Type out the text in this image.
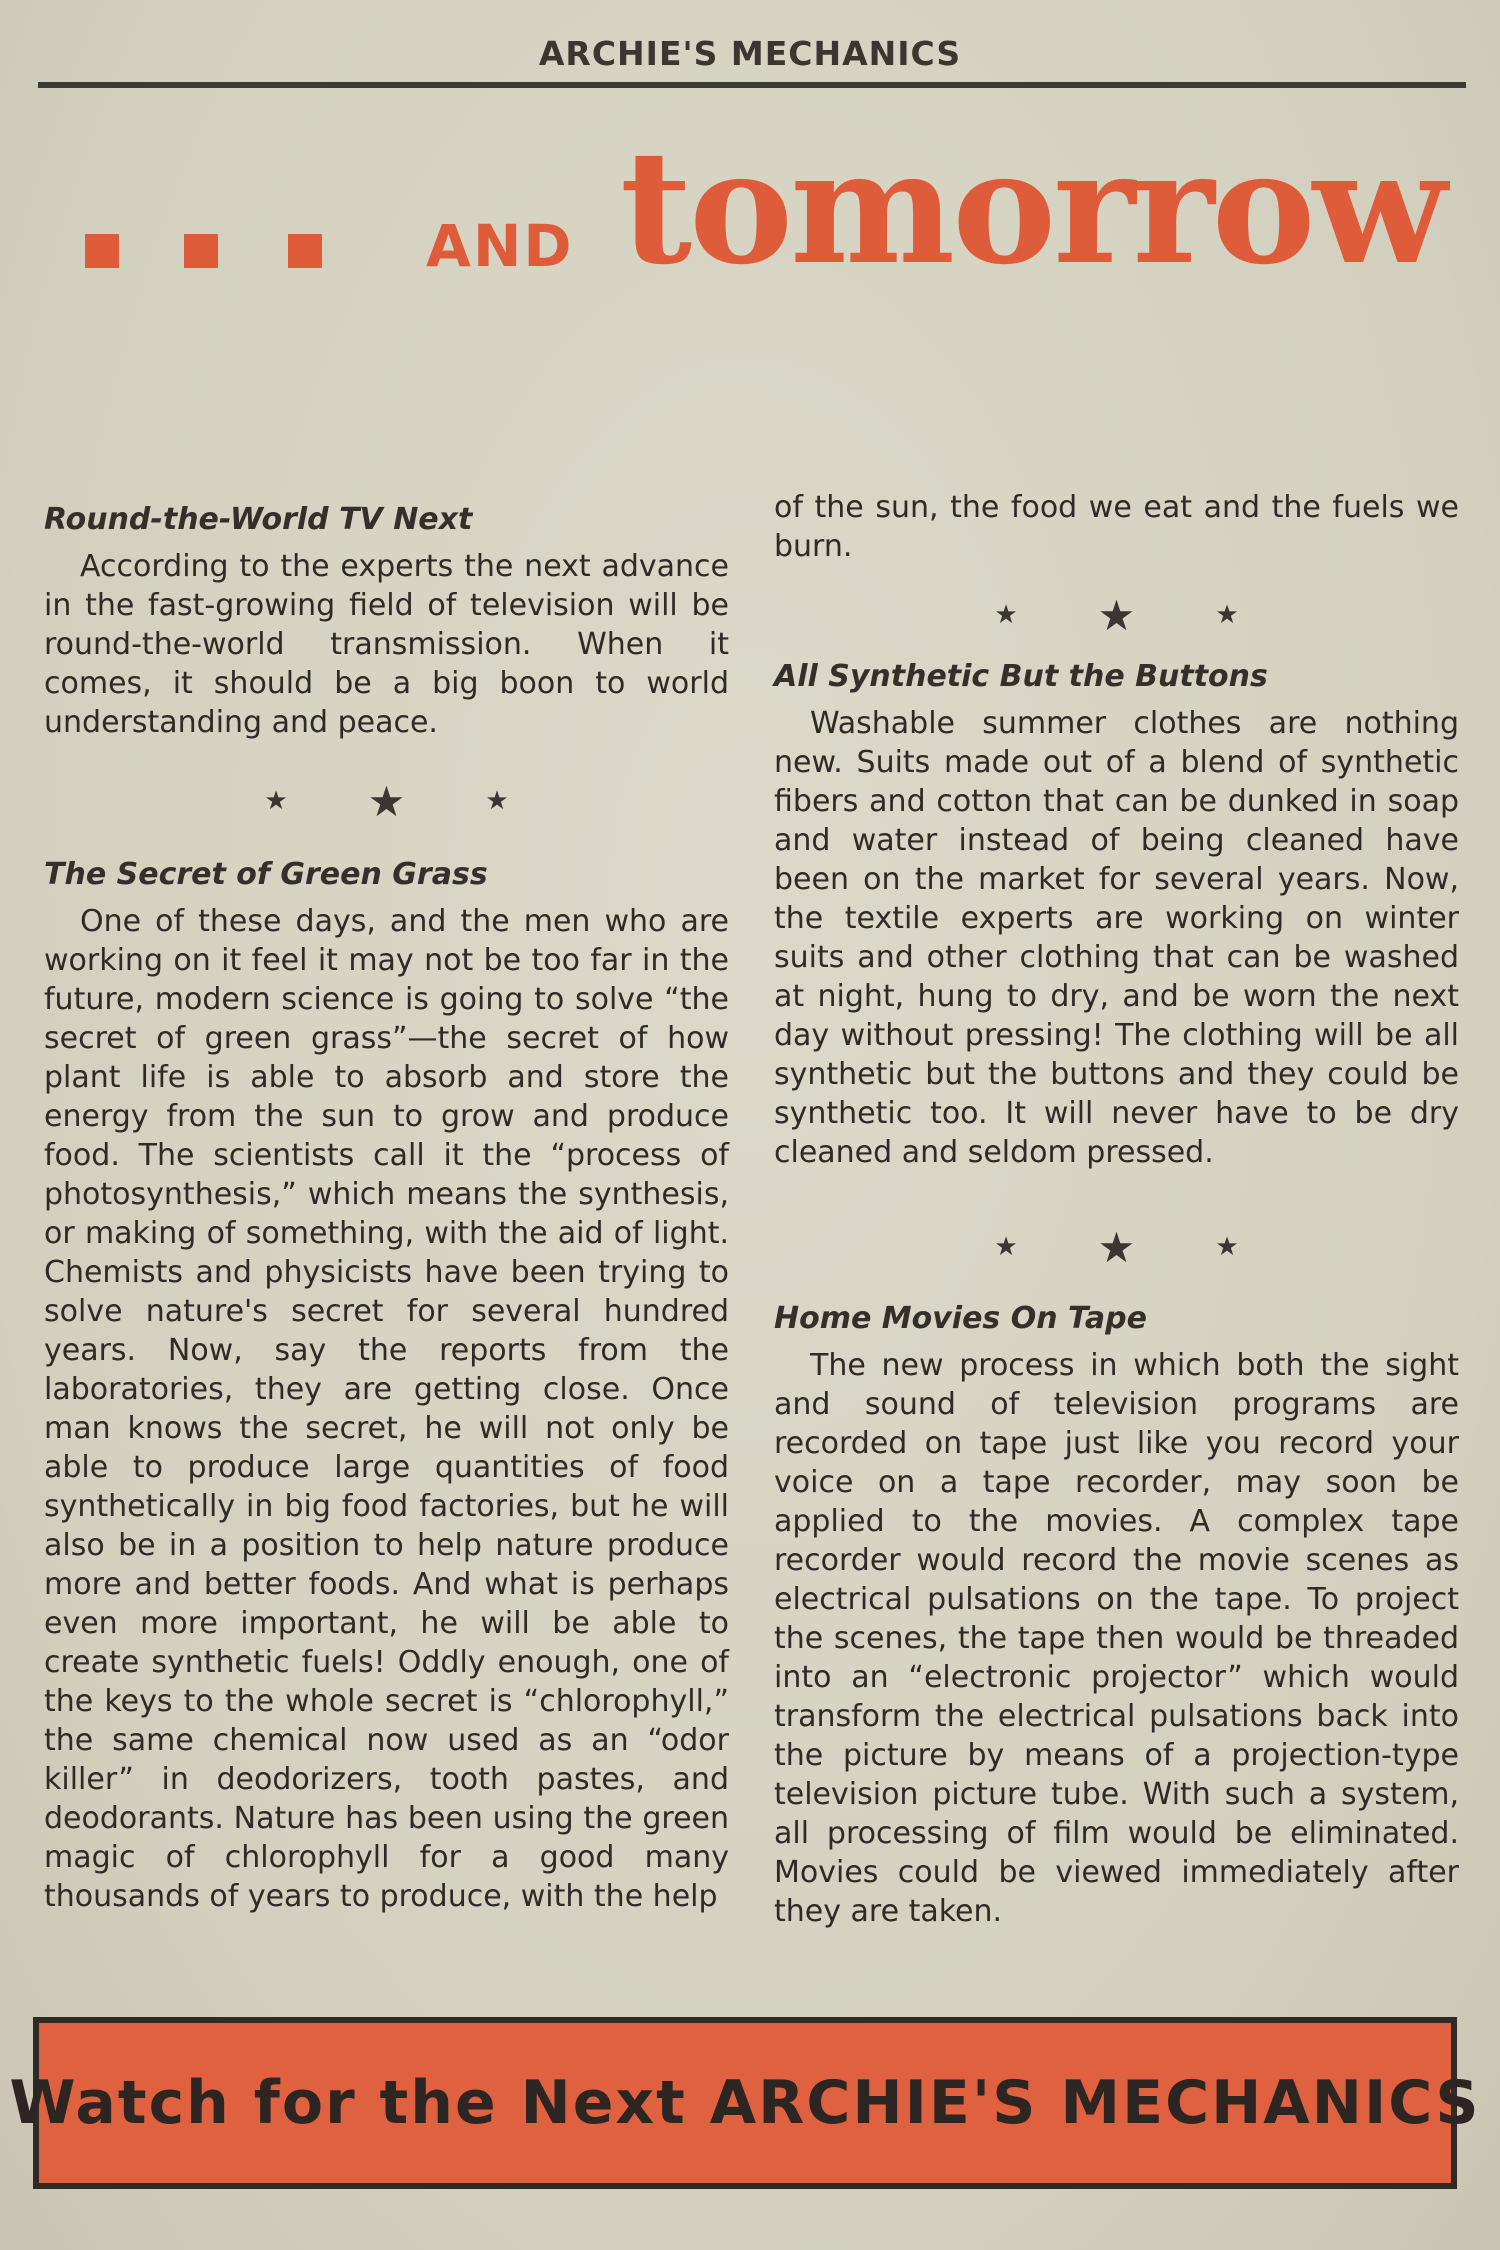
ARCHIE'S MECHANICS
AND tomorrow
Round-the-World TV Next

According to the experts the next advance in the fast-growing field of television will be round-the-world transmission. When it comes, it should be a big boon to world understanding and peace.

★ ★	★
The Secret of Green Grass

One of these days, and the men who are working on it feel it may not be too far in the future, modern science is going to solve “the secret of green grass”—the secret of how plant life is able to absorb and store the energy from the sun to grow and produce food. The scientists call it the “process of photosynthesis,” which means the synthesis, or making of something, with the aid of light. Chemists and physicists have been trying to solve nature's secret for several hundred years. Now, say the reports from the laboratories, they are getting close. Once man knows the secret, he will not only be able to produce large quantities of food synthetically in big food factories, but he will also be in a position to help nature produce more and better foods. And what is perhaps even more important, he will be able to create synthetic fuels! Oddly enough, one of the keys to the whole secret is “chlorophyll,” the same chemical now used as an “odor killer” in deodorizers, tooth pastes, and deodorants. Nature has been using the green magic of chlorophyll for a good many thousands of years to produce, with the help

of the sun, the food we eat and the fuels we burn.

★ ★	★
All Synthetic But the Buttons

Washable summer clothes are nothing new. Suits made out of a blend of synthetic fibers and cotton that can be dunked in soap and water instead of being cleaned have been on the market for several years. Now, the textile experts are working on winter suits and other clothing that can be washed at night, hung to dry, and be worn the next day without pressing! The clothing will be all synthetic but the buttons and they could be synthetic too. It will never have to be dry cleaned and seldom pressed.

★ ★	★
Home Movies On Tape

The new process in which both the sight and sound of television programs are recorded on tape just like you record your voice on a tape recorder, may soon be applied to the movies. A complex tape recorder would record the movie scenes as electrical pulsations on the tape. To project the scenes, the tape then would be threaded into an “electronic projector” which would transform the electrical pulsations back into the picture by means of a projection-type television picture tube. With such a system, all processing of film would be eliminated. Movies could be viewed immediately after they are taken.

Watch for the Next ARCHIE'S MECHANICS
